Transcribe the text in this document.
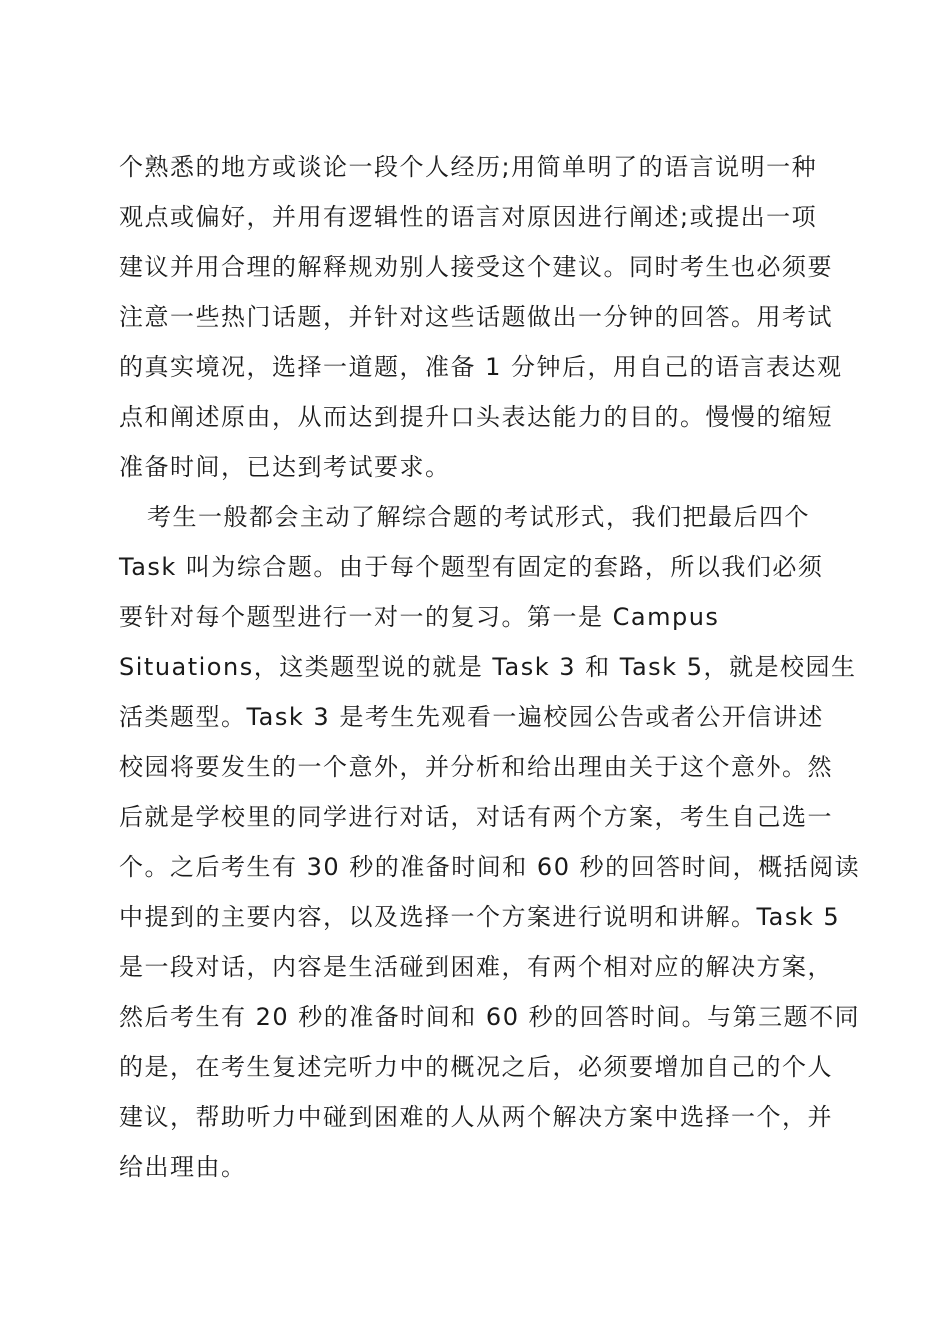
个熟悉的地方或谈论一段个人经历;用简单明了的语言说明一种
观点或偏好，并用有逻辑性的语言对原因进行阐述;或提出一项
建议并用合理的解释规劝别人接受这个建议。同时考生也必须要
注意一些热门话题，并针对这些话题做出一分钟的回答。用考试
的真实境况，选择一道题，准备 1 分钟后，用自己的语言表达观
点和阐述原由，从而达到提升口头表达能力的目的。慢慢的缩短
准备时间，已达到考试要求。
考生一般都会主动了解综合题的考试形式，我们把最后四个
Task 叫为综合题。由于每个题型有固定的套路，所以我们必须
要针对每个题型进行一对一的复习。第一是 Campus
Situations，这类题型说的就是 Task 3 和 Task 5，就是校园生
活类题型。Task 3 是考生先观看一遍校园公告或者公开信讲述
校园将要发生的一个意外，并分析和给出理由关于这个意外。然
后就是学校里的同学进行对话，对话有两个方案，考生自己选一
个。之后考生有 30 秒的准备时间和 60 秒的回答时间，概括阅读
中提到的主要内容，以及选择一个方案进行说明和讲解。Task 5
是一段对话，内容是生活碰到困难，有两个相对应的解决方案，
然后考生有 20 秒的准备时间和 60 秒的回答时间。与第三题不同
的是，在考生复述完听力中的概况之后，必须要增加自己的个人
建议，帮助听力中碰到困难的人从两个解决方案中选择一个，并
给出理由。
